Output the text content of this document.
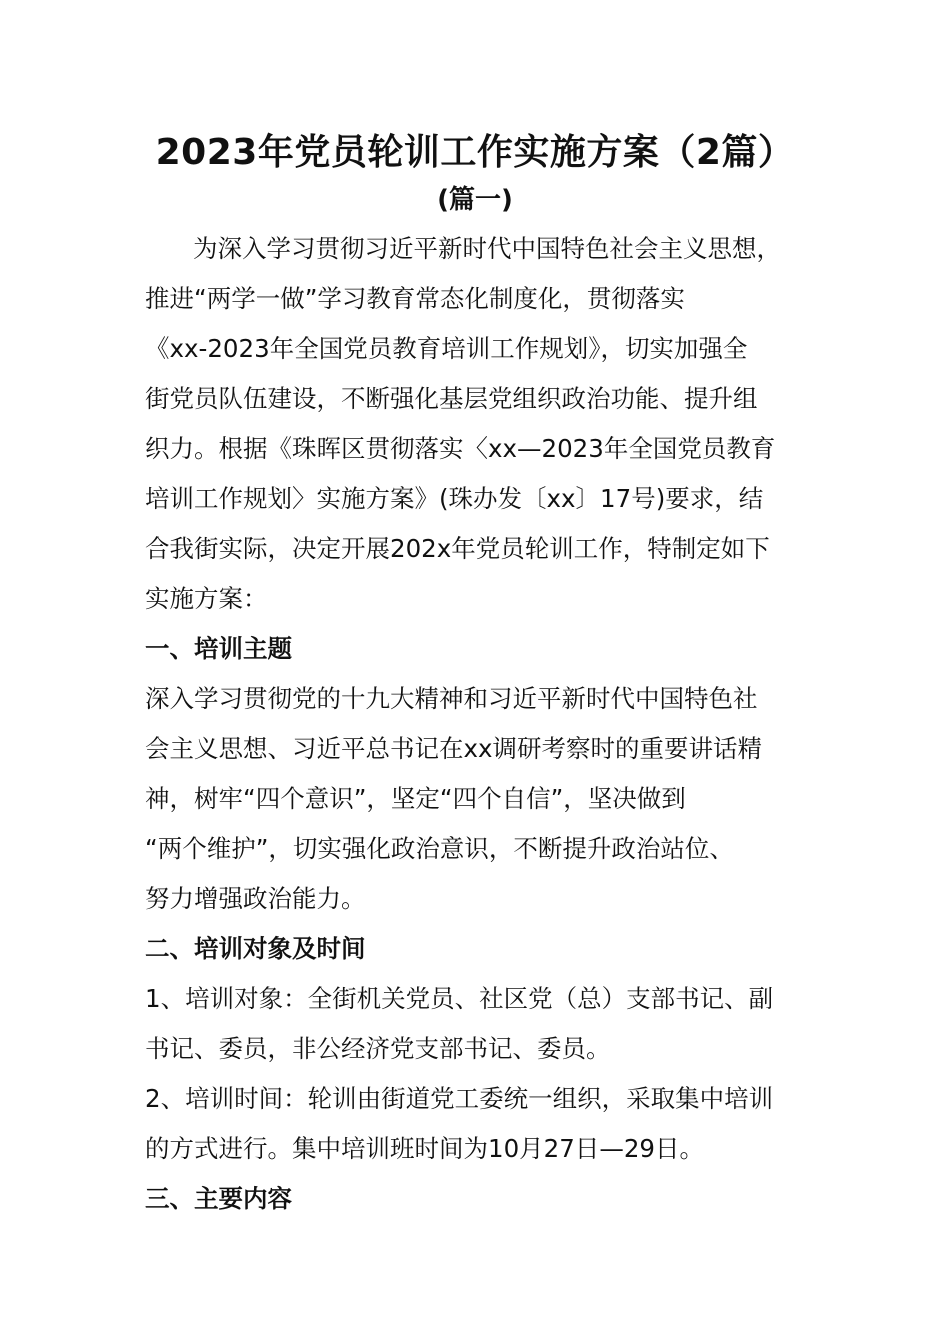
2023年党员轮训工作实施方案（2篇）
(篇一)
为深入学习贯彻习近平新时代中国特色社会主义思想，
推进“两学一做”学习教育常态化制度化，贯彻落实
《xx-2023年全国党员教育培训工作规划》，切实加强全
街党员队伍建设，不断强化基层党组织政治功能、提升组
织力。根据《珠晖区贯彻落实〈xx—2023年全国党员教育
培训工作规划〉实施方案》(珠办发〔xx〕17号)要求，结
合我街实际，决定开展202x年党员轮训工作，特制定如下
实施方案：
一、培训主题
深入学习贯彻党的十九大精神和习近平新时代中国特色社
会主义思想、习近平总书记在xx调研考察时的重要讲话精
神，树牢“四个意识”，坚定“四个自信”，坚决做到
“两个维护”，切实强化政治意识，不断提升政治站位、
努力增强政治能力。
二、培训对象及时间
1、培训对象：全街机关党员、社区党（总）支部书记、副
书记、委员，非公经济党支部书记、委员。
2、培训时间：轮训由街道党工委统一组织，采取集中培训
的方式进行。集中培训班时间为10月27日—29日。
三、主要内容
